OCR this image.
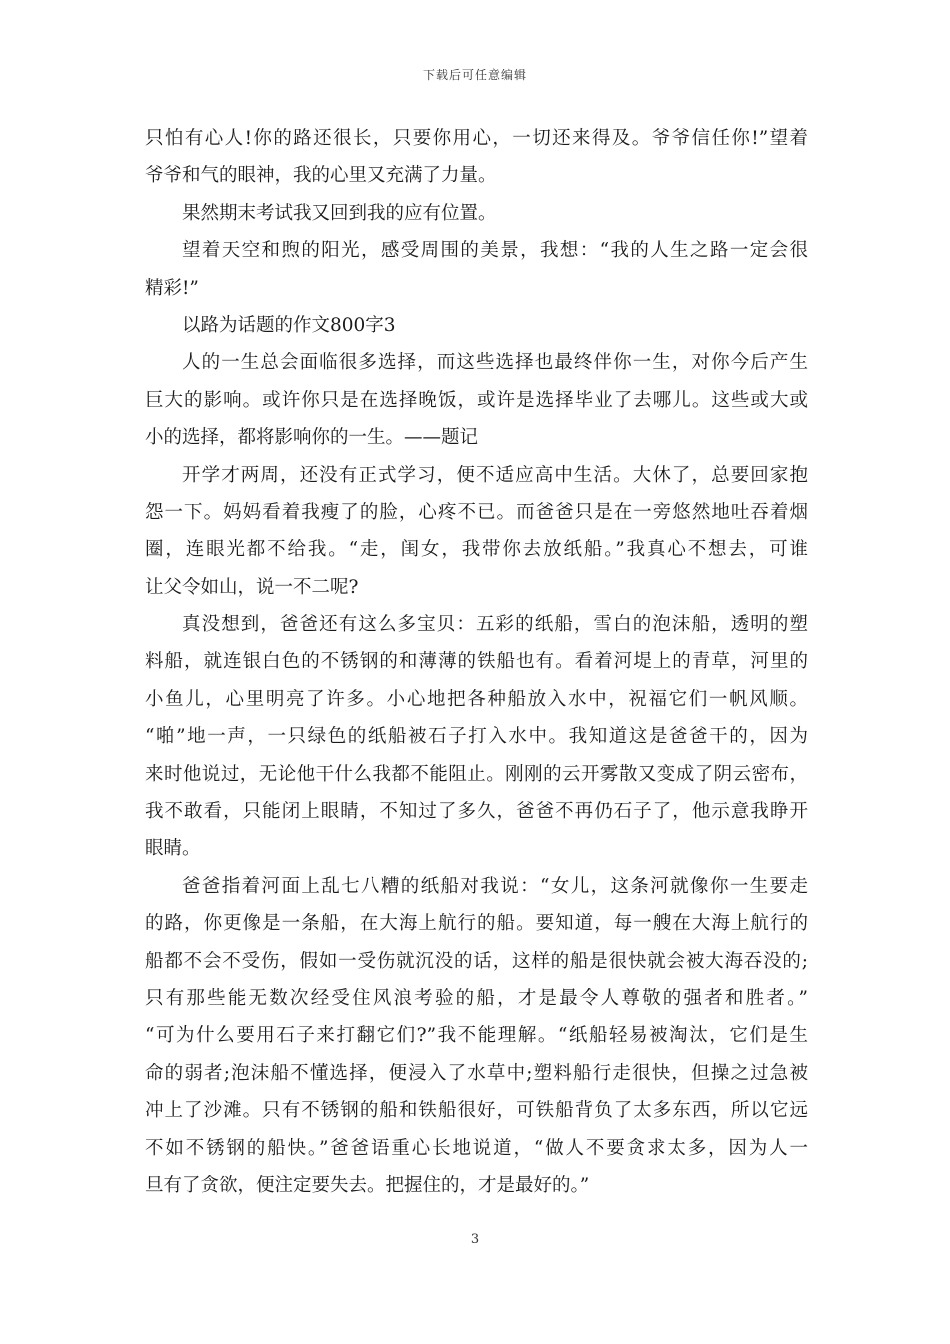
下载后可任意编辑
只怕有心人!你的路还很长，只要你用心，一切还来得及。爷爷信任你!”望着
爷爷和气的眼神，我的心里又充满了力量。
果然期末考试我又回到我的应有位置。
望着天空和煦的阳光，感受周围的美景，我想：“我的人生之路一定会很
精彩!”
以路为话题的作文800字3
人的一生总会面临很多选择，而这些选择也最终伴你一生，对你今后产生
巨大的影响。或许你只是在选择晚饭，或许是选择毕业了去哪儿。这些或大或
小的选择，都将影响你的一生。——题记
开学才两周，还没有正式学习，便不适应高中生活。大休了，总要回家抱
怨一下。妈妈看着我瘦了的脸，心疼不已。而爸爸只是在一旁悠然地吐吞着烟
圈，连眼光都不给我。“走，闺女，我带你去放纸船。”我真心不想去，可谁
让父令如山，说一不二呢?
真没想到，爸爸还有这么多宝贝：五彩的纸船，雪白的泡沫船，透明的塑
料船，就连银白色的不锈钢的和薄薄的铁船也有。看着河堤上的青草，河里的
小鱼儿，心里明亮了许多。小心地把各种船放入水中，祝福它们一帆风顺。
“啪”地一声，一只绿色的纸船被石子打入水中。我知道这是爸爸干的，因为
来时他说过，无论他干什么我都不能阻止。刚刚的云开雾散又变成了阴云密布，
我不敢看，只能闭上眼睛，不知过了多久，爸爸不再仍石子了，他示意我睁开
眼睛。
爸爸指着河面上乱七八糟的纸船对我说：“女儿，这条河就像你一生要走
的路，你更像是一条船，在大海上航行的船。要知道，每一艘在大海上航行的
船都不会不受伤，假如一受伤就沉没的话，这样的船是很快就会被大海吞没的;
只有那些能无数次经受住风浪考验的船，才是最令人尊敬的强者和胜者。”
“可为什么要用石子来打翻它们?”我不能理解。“纸船轻易被淘汰，它们是生
命的弱者;泡沫船不懂选择，便浸入了水草中;塑料船行走很快，但操之过急被
冲上了沙滩。只有不锈钢的船和铁船很好，可铁船背负了太多东西，所以它远
不如不锈钢的船快。”爸爸语重心长地说道，“做人不要贪求太多，因为人一
旦有了贪欲，便注定要失去。把握住的，才是最好的。”
3
